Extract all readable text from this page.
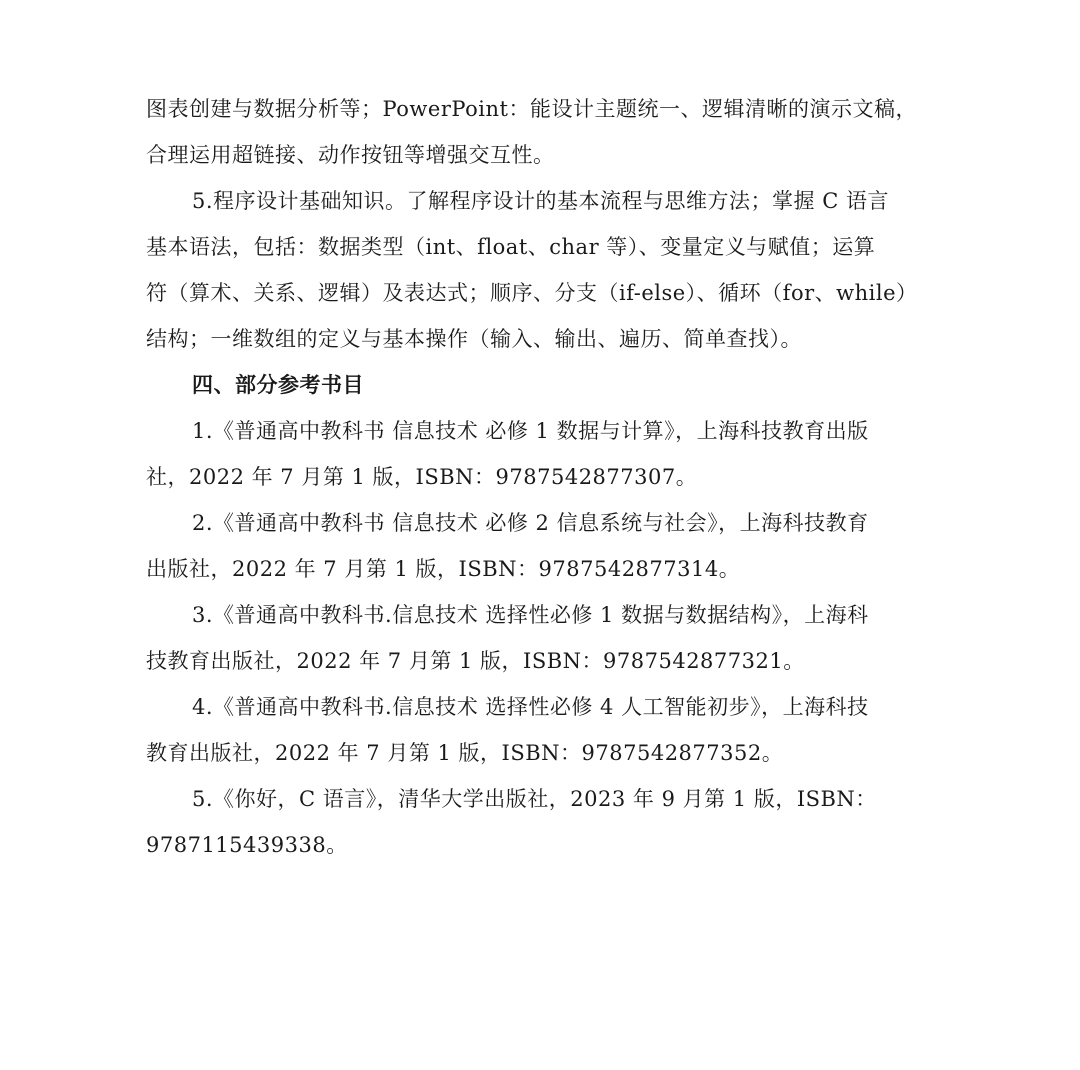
图表创建与数据分析等；PowerPoint：能设计主题统一、逻辑清晰的演示文稿，
合理运用超链接、动作按钮等增强交互性。
5.程序设计基础知识。了解程序设计的基本流程与思维方法；掌握 C 语言
基本语法，包括：数据类型（int、float、char 等）、变量定义与赋值；运算
符（算术、关系、逻辑）及表达式；顺序、分支（if-else）、循环（for、while）
结构；一维数组的定义与基本操作（输入、输出、遍历、简单查找）。
四、部分参考书目
1.《普通高中教科书 信息技术 必修 1 数据与计算》，上海科技教育出版
社，2022 年 7 月第 1 版，ISBN：9787542877307。
2.《普通高中教科书 信息技术 必修 2 信息系统与社会》，上海科技教育
出版社，2022 年 7 月第 1 版，ISBN：9787542877314。
3.《普通高中教科书.信息技术 选择性必修 1 数据与数据结构》，上海科
技教育出版社，2022 年 7 月第 1 版，ISBN：9787542877321。
4.《普通高中教科书.信息技术 选择性必修 4 人工智能初步》，上海科技
教育出版社，2022 年 7 月第 1 版，ISBN：9787542877352。
5.《你好，C 语言》，清华大学出版社，2023 年 9 月第 1 版，ISBN：
9787115439338。
